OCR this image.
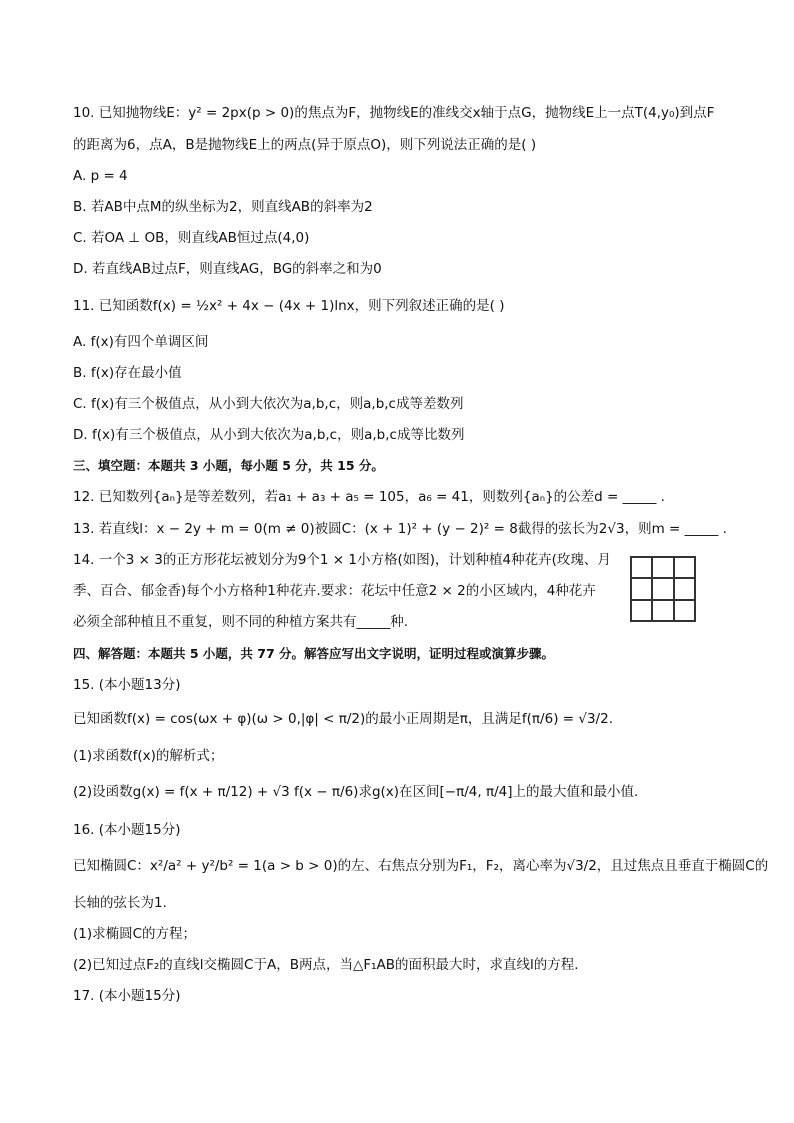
10. 已知抛物线E：y² = 2px(p > 0)的焦点为F，抛物线E的准线交x轴于点G，抛物线E上一点T(4,y₀)到点F
的距离为6，点A，B是抛物线E上的两点(异于原点O)，则下列说法正确的是( )
A. p = 4
B. 若AB中点M的纵坐标为2，则直线AB的斜率为2
C. 若OA ⊥ OB，则直线AB恒过点(4,0)
D. 若直线AB过点F，则直线AG，BG的斜率之和为0
11. 已知函数f(x) = ½x² + 4x − (4x + 1)lnx，则下列叙述正确的是( )
A. f(x)有四个单调区间
B. f(x)存在最小值
C. f(x)有三个极值点，从小到大依次为a,b,c，则a,b,c成等差数列
D. f(x)有三个极值点，从小到大依次为a,b,c，则a,b,c成等比数列
三、填空题：本题共 3 小题，每小题 5 分，共 15 分。
12. 已知数列{aₙ}是等差数列，若a₁ + a₃ + a₅ = 105，a₆ = 41，则数列{aₙ}的公差d = _____ .
13. 若直线l：x − 2y + m = 0(m ≠ 0)被圆C：(x + 1)² + (y − 2)² = 8截得的弦长为2√3，则m = _____ .
14. 一个3 × 3的正方形花坛被划分为9个1 × 1小方格(如图)，计划种植4种花卉(玫瑰、月
季、百合、郁金香)每个小方格种1种花卉.要求：花坛中任意2 × 2的小区域内，4种花卉
必须全部种植且不重复，则不同的种植方案共有_____种.
四、解答题：本题共 5 小题，共 77 分。解答应写出文字说明，证明过程或演算步骤。
15. (本小题13分)
已知函数f(x) = cos(ωx + φ)(ω > 0,|φ| < π/2)的最小正周期是π，且满足f(π/6) = √3/2.
(1)求函数f(x)的解析式；
(2)设函数g(x) = f(x + π/12) + √3 f(x − π/6)求g(x)在区间[−π/4, π/4]上的最大值和最小值.
16. (本小题15分)
已知椭圆C：x²/a² + y²/b² = 1(a > b > 0)的左、右焦点分别为F₁，F₂，离心率为√3/2，且过焦点且垂直于椭圆C的
长轴的弦长为1.
(1)求椭圆C的方程；
(2)已知过点F₂的直线l交椭圆C于A，B两点，当△F₁AB的面积最大时，求直线l的方程.
17. (本小题15分)
